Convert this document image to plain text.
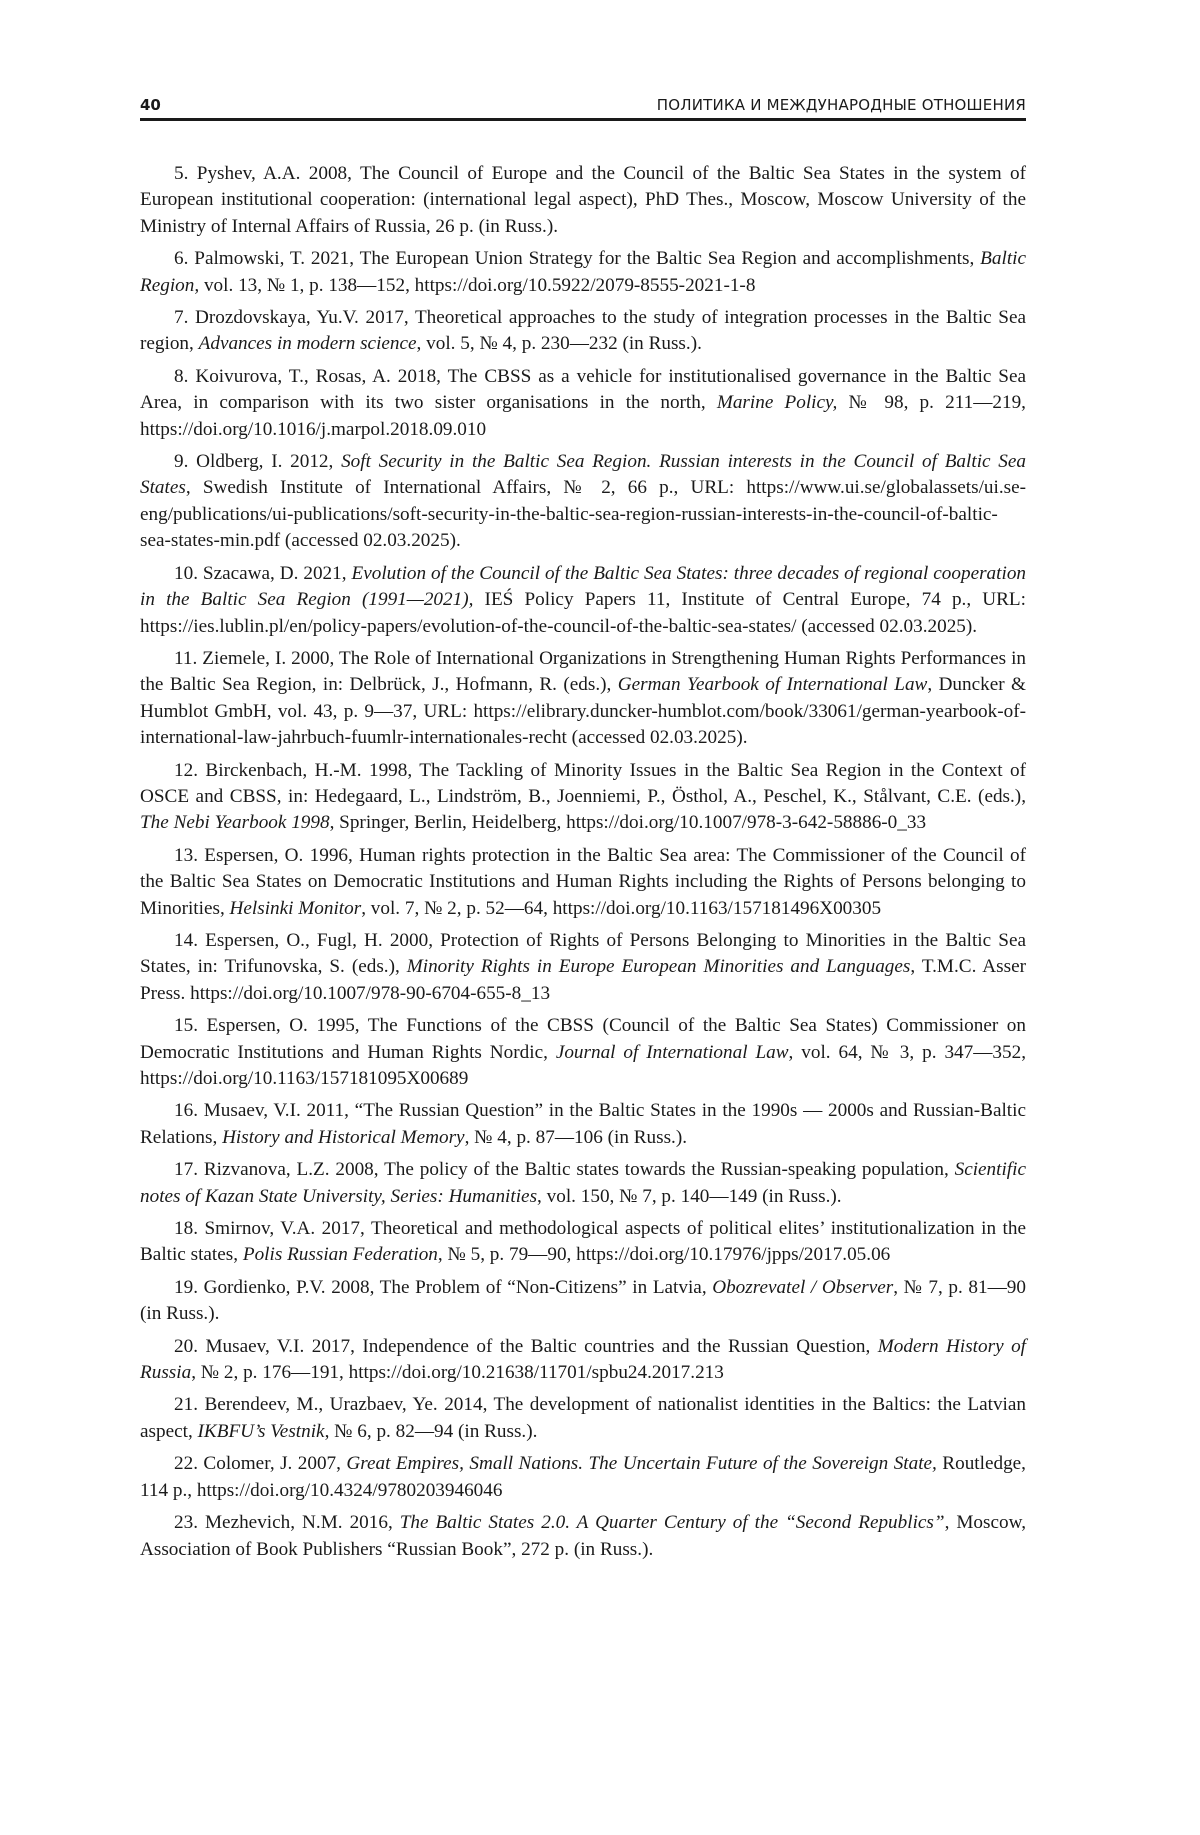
40	ПОЛИТИКА И МЕЖДУНАРОДНЫЕ ОТНОШЕНИЯ

5. Pyshev, A.A. 2008, The Council of Europe and the Council of the Baltic Sea States in the system of European institutional cooperation: (international legal aspect), PhD Thes., Moscow, Moscow University of the Ministry of Internal Affairs of Russia, 26 p. (in Russ.).

6. Palmowski, T. 2021, The European Union Strategy for the Baltic Sea Region and accomplishments, Baltic Region, vol. 13, № 1, p. 138—152, https://doi.org/10.5922/2079-8555-2021-1-8

7. Drozdovskaya, Yu.V. 2017, Theoretical approaches to the study of integration processes in the Baltic Sea region, Advances in modern science, vol. 5, № 4, p. 230—232 (in Russ.).

8. Koivurova, T., Rosas, A. 2018, The CBSS as a vehicle for institutionalised governance in the Baltic Sea Area, in comparison with its two sister organisations in the north, Marine Policy, № 98, p. 211—219, https://doi.org/10.1016/j.marpol.2018.09.010

9. Oldberg, I. 2012, Soft Security in the Baltic Sea Region. Russian interests in the Council of Baltic Sea States, Swedish Institute of International Affairs, № 2, 66 p., URL: https://www.ui.se/globalassets/ui.se-eng/publications/ui-publications/soft-security-in-the-baltic-sea-region-russian-interests-in-the-council-of-baltic-sea-states-min.pdf (accessed 02.03.2025).

10. Szacawa, D. 2021, Evolution of the Council of the Baltic Sea States: three decades of regional cooperation in the Baltic Sea Region (1991—2021), IEŚ Policy Papers 11, Institute of Central Europe, 74 p., URL: https://ies.lublin.pl/en/policy-papers/evolution-of-the-council-of-the-baltic-sea-states/ (accessed 02.03.2025).

11. Ziemele, I. 2000, The Role of International Organizations in Strengthening Human Rights Performances in the Baltic Sea Region, in: Delbrück, J., Hofmann, R. (eds.), German Yearbook of International Law, Duncker & Humblot GmbH, vol. 43, p. 9—37, URL: https://elibrary.duncker-humblot.com/book/33061/german-yearbook-of-international-law-jahrbuch-fuumlr-internationales-recht (accessed 02.03.2025).

12. Birckenbach, H.-M. 1998, The Tackling of Minority Issues in the Baltic Sea Region in the Context of OSCE and CBSS, in: Hedegaard, L., Lindström, B., Joenniemi, P., Östhol, A., Peschel, K., Stålvant, C.E. (eds.), The Nebi Yearbook 1998, Springer, Berlin, Heidelberg, https://doi.org/10.1007/978-3-642-58886-0_33

13. Espersen, O. 1996, Human rights protection in the Baltic Sea area: The Commissioner of the Council of the Baltic Sea States on Democratic Institutions and Human Rights including the Rights of Persons belonging to Minorities, Helsinki Monitor, vol. 7, № 2, p. 52—64, https://doi.org/10.1163/157181496X00305

14. Espersen, O., Fugl, H. 2000, Protection of Rights of Persons Belonging to Minorities in the Baltic Sea States, in: Trifunovska, S. (eds.), Minority Rights in Europe European Minorities and Languages, T.M.C. Asser Press. https://doi.org/10.1007/978-90-6704-655-8_13

15. Espersen, O. 1995, The Functions of the CBSS (Council of the Baltic Sea States) Commissioner on Democratic Institutions and Human Rights Nordic, Journal of International Law, vol. 64, № 3, p. 347—352, https://doi.org/10.1163/157181095X00689

16. Musaev, V.I. 2011, “The Russian Question” in the Baltic States in the 1990s — 2000s and Russian-Baltic Relations, History and Historical Memory, № 4, p. 87—106 (in Russ.).

17. Rizvanova, L.Z. 2008, The policy of the Baltic states towards the Russian-speaking population, Scientific notes of Kazan State University, Series: Humanities, vol. 150, № 7, p. 140—149 (in Russ.).

18. Smirnov, V.A. 2017, Theoretical and methodological aspects of political elites’ institutionalization in the Baltic states, Polis Russian Federation, № 5, p. 79—90, https://doi.org/10.17976/jpps/2017.05.06

19. Gordienko, P.V. 2008, The Problem of “Non-Citizens” in Latvia, Obozrevatel / Observer, № 7, p. 81—90 (in Russ.).

20. Musaev, V.I. 2017, Independence of the Baltic countries and the Russian Question, Modern History of Russia, № 2, p. 176—191, https://doi.org/10.21638/11701/spbu24.2017.213

21. Berendeev, M., Urazbaev, Ye. 2014, The development of nationalist identities in the Baltics: the Latvian aspect, IKBFU’s Vestnik, № 6, p. 82—94 (in Russ.).

22. Colomer, J. 2007, Great Empires, Small Nations. The Uncertain Future of the Sovereign State, Routledge, 114 p., https://doi.org/10.4324/9780203946046

23. Mezhevich, N.M. 2016, The Baltic States 2.0. A Quarter Century of the “Second Republics”, Moscow, Association of Book Publishers “Russian Book”, 272 p. (in Russ.).
